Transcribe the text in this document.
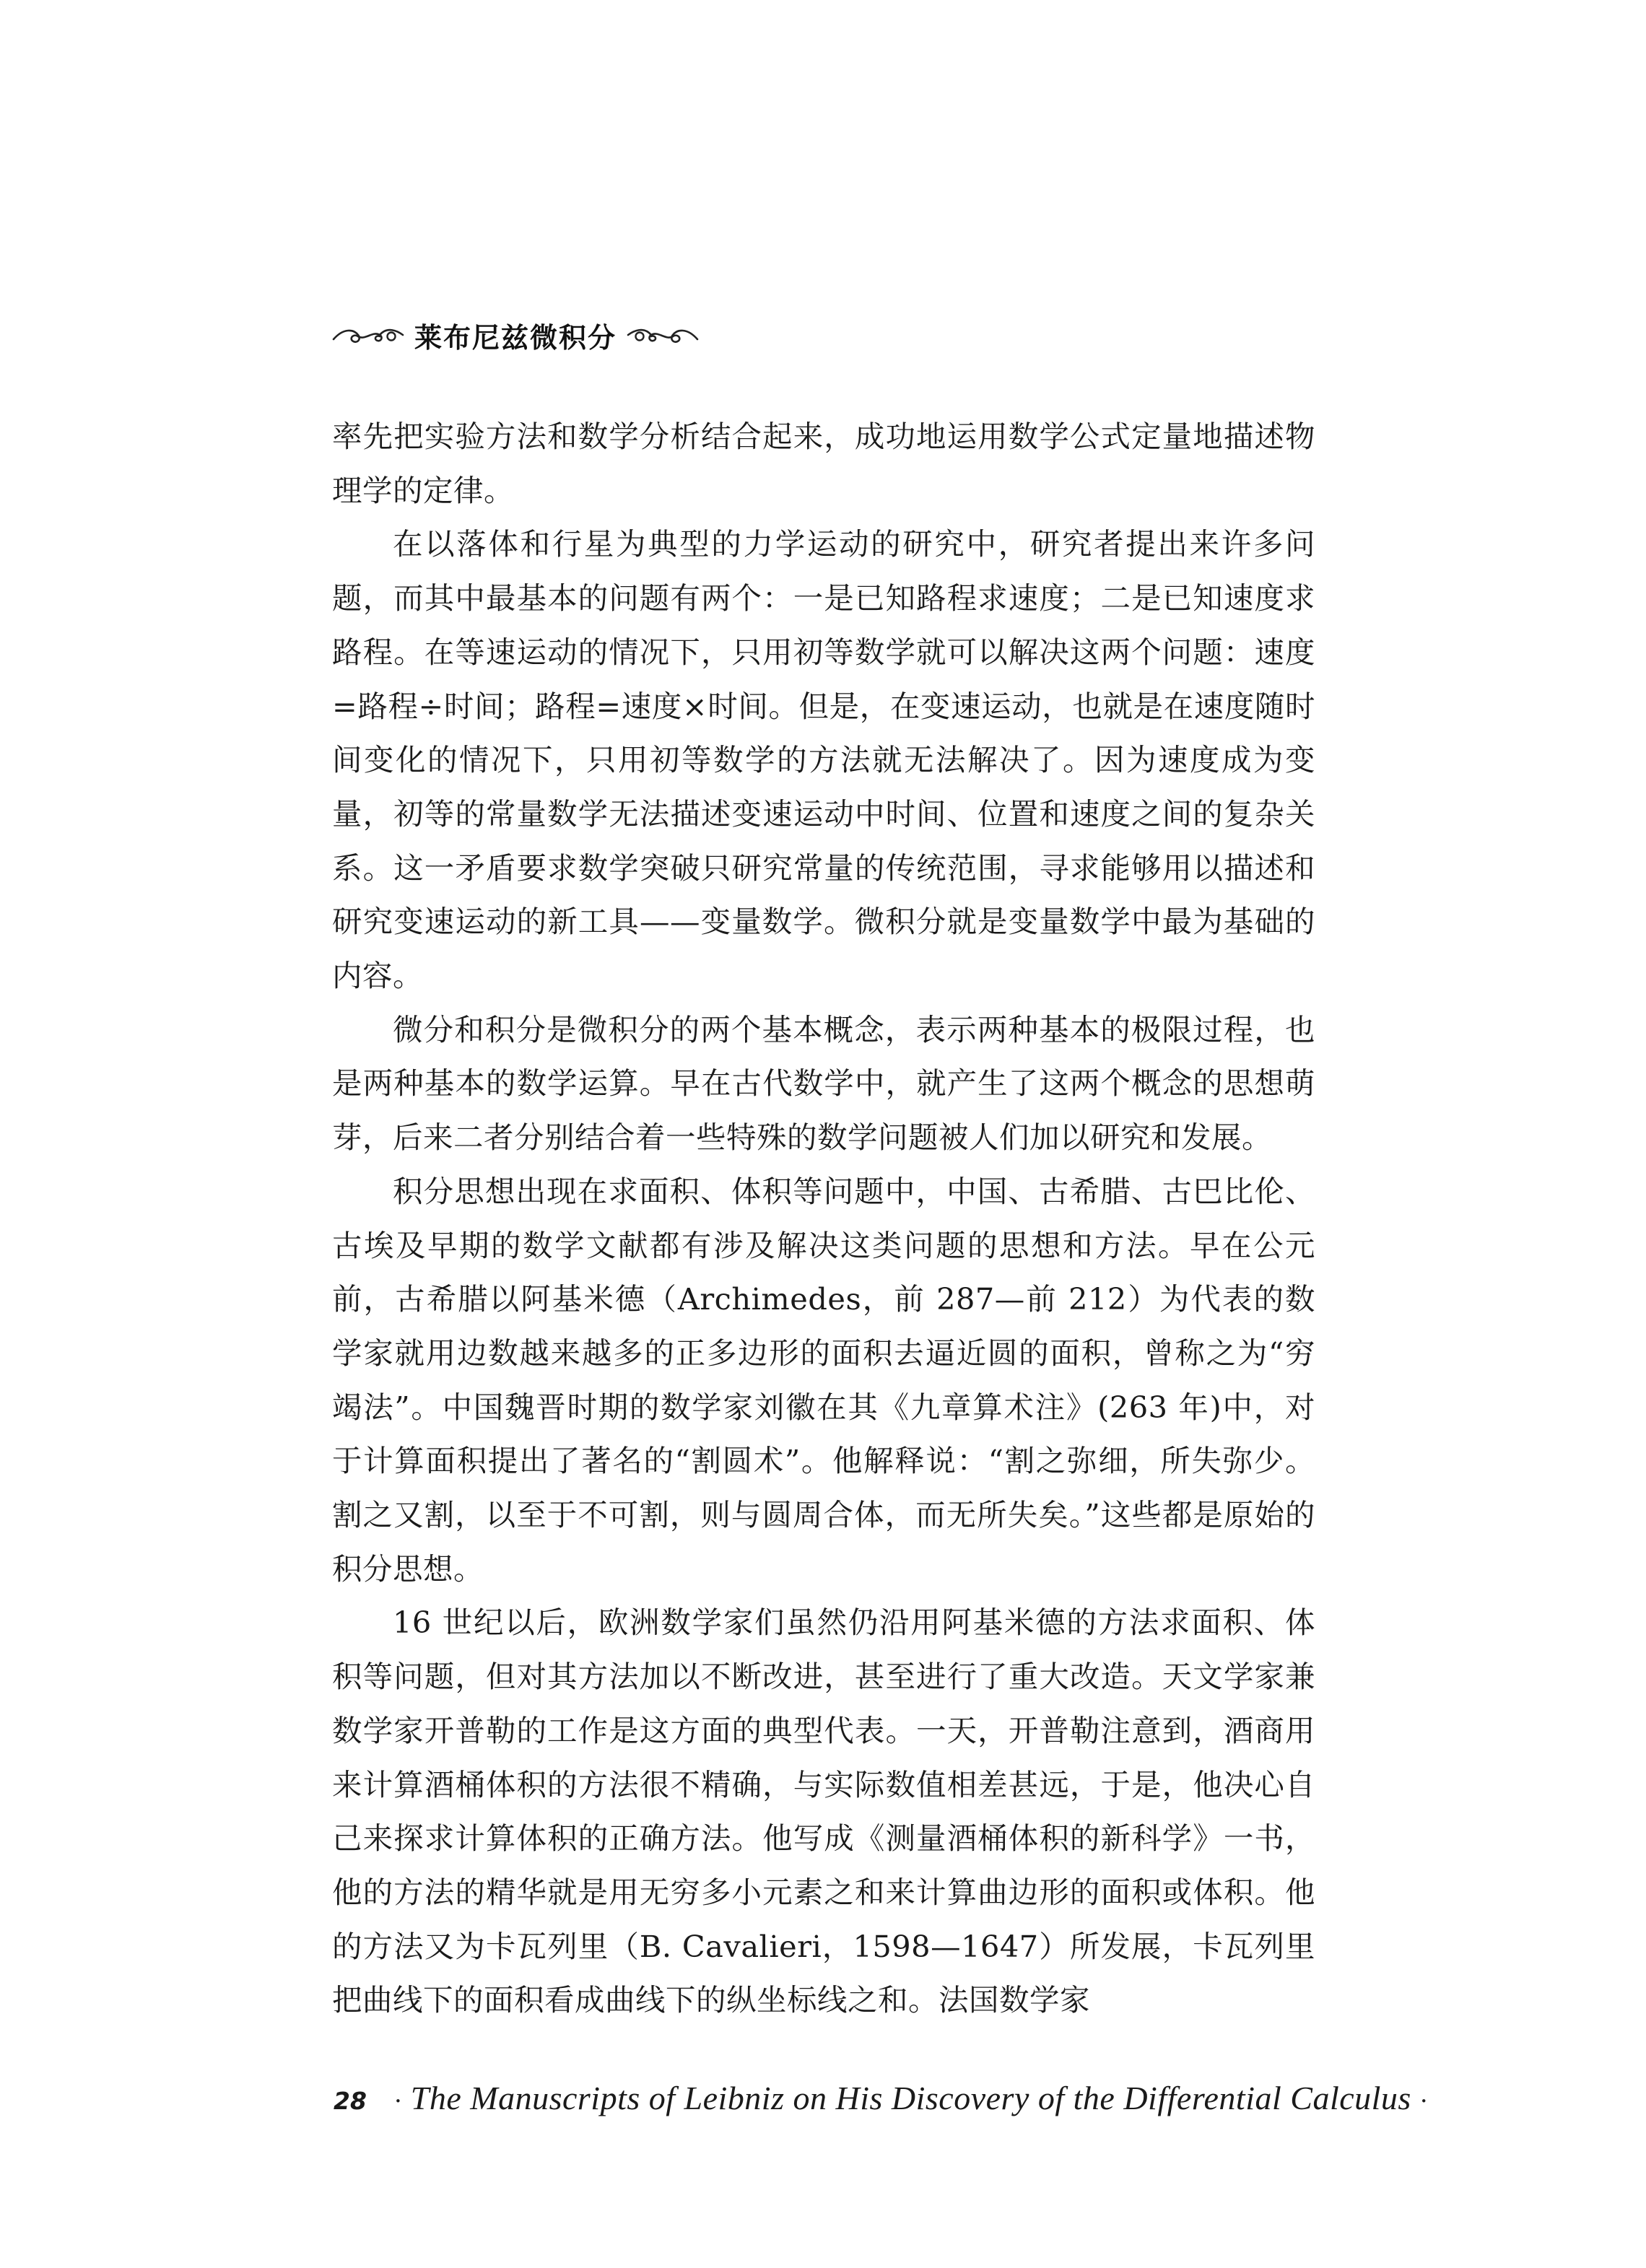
莱布尼兹微积分

率先把实验方法和数学分析结合起来，成功地运用数学公式定量地描述物理学的定律。

在以落体和行星为典型的力学运动的研究中，研究者提出来许多问题，而其中最基本的问题有两个：一是已知路程求速度；二是已知速度求路程。在等速运动的情况下，只用初等数学就可以解决这两个问题：速度=路程÷时间；路程=速度×时间。但是，在变速运动，也就是在速度随时间变化的情况下，只用初等数学的方法就无法解决了。因为速度成为变量，初等的常量数学无法描述变速运动中时间、位置和速度之间的复杂关系。这一矛盾要求数学突破只研究常量的传统范围，寻求能够用以描述和研究变速运动的新工具——变量数学。微积分就是变量数学中最为基础的内容。

微分和积分是微积分的两个基本概念，表示两种基本的极限过程，也是两种基本的数学运算。早在古代数学中，就产生了这两个概念的思想萌芽，后来二者分别结合着一些特殊的数学问题被人们加以研究和发展。

积分思想出现在求面积、体积等问题中，中国、古希腊、古巴比伦、古埃及早期的数学文献都有涉及解决这类问题的思想和方法。早在公元前，古希腊以阿基米德（Archimedes，前 287—前 212）为代表的数学家就用边数越来越多的正多边形的面积去逼近圆的面积，曾称之为“穷竭法”。中国魏晋时期的数学家刘徽在其《九章算术注》(263 年)中，对于计算面积提出了著名的“割圆术”。他解释说：“割之弥细，所失弥少。割之又割，以至于不可割，则与圆周合体，而无所失矣。”这些都是原始的积分思想。

16 世纪以后，欧洲数学家们虽然仍沿用阿基米德的方法求面积、体积等问题，但对其方法加以不断改进，甚至进行了重大改造。天文学家兼数学家开普勒的工作是这方面的典型代表。一天，开普勒注意到，酒商用来计算酒桶体积的方法很不精确，与实际数值相差甚远，于是，他决心自己来探求计算体积的正确方法。他写成《测量酒桶体积的新科学》一书，他的方法的精华就是用无穷多小元素之和来计算曲边形的面积或体积。他的方法又为卡瓦列里（B. Cavalieri，1598—1647）所发展，卡瓦列里把曲线下的面积看成曲线下的纵坐标线之和。法国数学家

28 · The Manuscripts of Leibniz on His Discovery of the Differential Calculus ·
